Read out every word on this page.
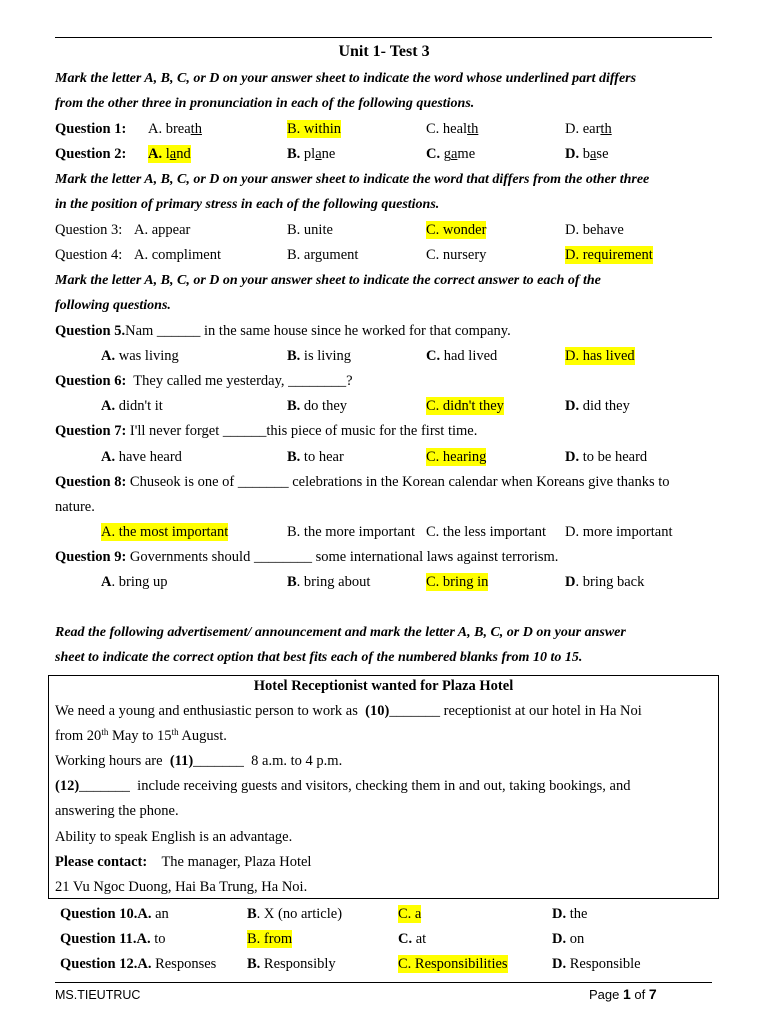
Unit 1- Test 3
Mark the letter A, B, C, or D on your answer sheet to indicate the word whose underlined part differs
from the other three in pronunciation in each of the following questions.
Question 1: A. breath	B. within	C. health	D. earth
Question 2: A. land	B. plane	C. game	D. base
Mark the letter A, B, C, or D on your answer sheet to indicate the word that differs from the other three
in the position of primary stress in each of the following questions.
Question 3: A. appear	B. unite	C. wonder	D. behave
Question 4: A. compliment	B. argument	C. nursery	D. requirement
Mark the letter A, B, C, or D on your answer sheet to indicate the correct answer to each of the
following questions.
Question 5.Nam ______ in the same house since he worked for that company.
A. was living	B. is living	C. had lived	D. has lived
Question 6:  They called me yesterday, ________?
A. didn't it	B. do they	C. didn't they	D. did they
Question 7: I'll never forget ______this piece of music for the first time.
A. have heard	B. to hear	C. hearing	D. to be heard
Question 8: Chuseok is one of _______ celebrations in the Korean calendar when Koreans give thanks to
nature.
A. the most important	B. the more important C. the less important D. more important
Question 9: Governments should ________ some international laws against terrorism.
A. bring up	B. bring about	C. bring in	D. bring back
Read the following advertisement/ announcement and mark the letter A, B, C, or D on your answer
sheet to indicate the correct option that best fits each of the numbered blanks from 10 to 15.
Hotel Receptionist wanted for Plaza Hotel
We need a young and enthusiastic person to work as  (10)_______ receptionist at our hotel in Ha Noi
from 20th May to 15th August.
Working hours are  (11)_______  8 a.m. to 4 p.m.
(12)_______  include receiving guests and visitors, checking them in and out, taking bookings, and
answering the phone.
Ability to speak English is an advantage.
Please contact:    The manager, Plaza Hotel
21 Vu Ngoc Duong, Hai Ba Trung, Ha Noi.
Question 10.A. an	B. X (no article)	C. a	D. the
Question 11.A. to	B. from	C. at	D. on
Question 12.A. Responses B. Responsibly	C. Responsibilities	D. Responsible
MS.TIEUTRUC	Page 1 of 7
